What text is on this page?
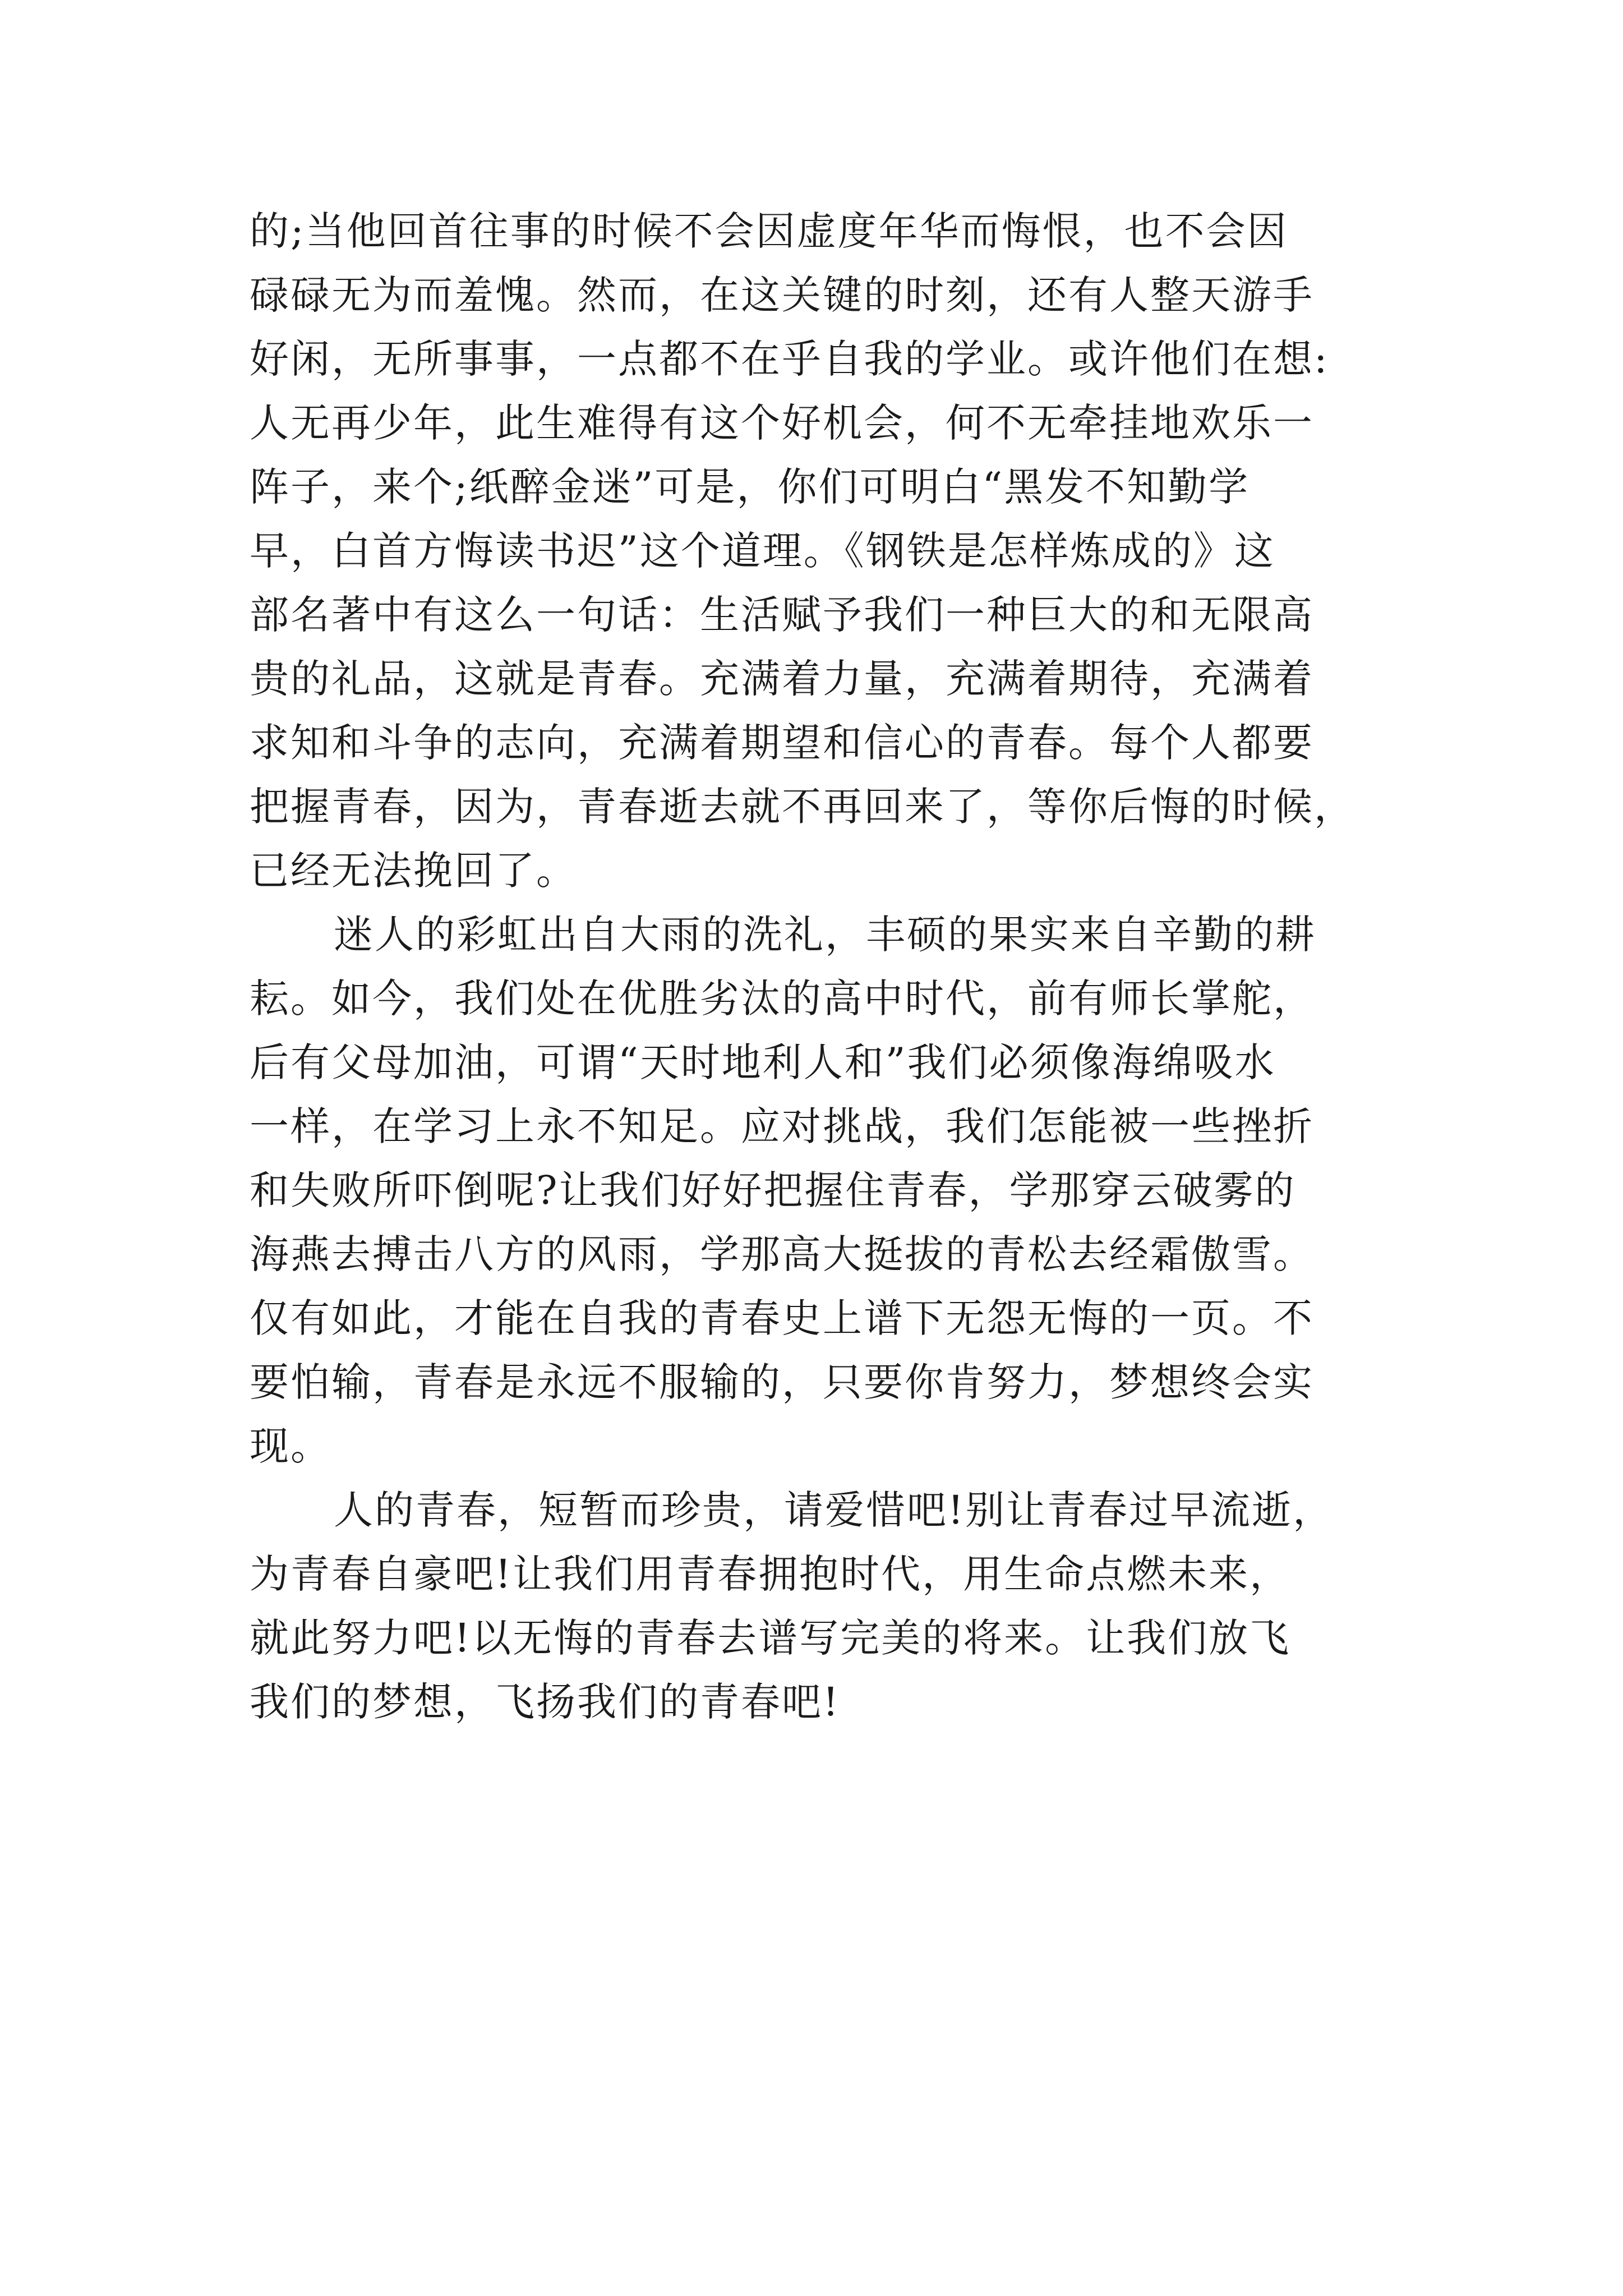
的;当他回首往事的时候不会因虚度年华而悔恨，也不会因
碌碌无为而羞愧。然而，在这关键的时刻，还有人整天游手
好闲，无所事事，一点都不在乎自我的学业。或许他们在想:
人无再少年，此生难得有这个好机会，何不无牵挂地欢乐一
阵子，来个;纸醉金迷”可是，你们可明白“黑发不知勤学
早，白首方悔读书迟”这个道理。《钢铁是怎样炼成的》这
部名著中有这么一句话：生活赋予我们一种巨大的和无限高
贵的礼品，这就是青春。充满着力量，充满着期待，充满着
求知和斗争的志向，充满着期望和信心的青春。每个人都要
把握青春，因为，青春逝去就不再回来了，等你后悔的时候，
已经无法挽回了。
迷人的彩虹出自大雨的洗礼，丰硕的果实来自辛勤的耕
耘。如今，我们处在优胜劣汰的高中时代，前有师长掌舵，
后有父母加油，可谓“天时地利人和”我们必须像海绵吸水
一样，在学习上永不知足。应对挑战，我们怎能被一些挫折
和失败所吓倒呢?让我们好好把握住青春，学那穿云破雾的
海燕去搏击八方的风雨，学那高大挺拔的青松去经霜傲雪。
仅有如此，才能在自我的青春史上谱下无怨无悔的一页。不
要怕输，青春是永远不服输的，只要你肯努力，梦想终会实
现。
人的青春，短暂而珍贵，请爱惜吧!别让青春过早流逝，
为青春自豪吧!让我们用青春拥抱时代，用生命点燃未来，
就此努力吧!以无悔的青春去谱写完美的将来。让我们放飞
我们的梦想，飞扬我们的青春吧!
